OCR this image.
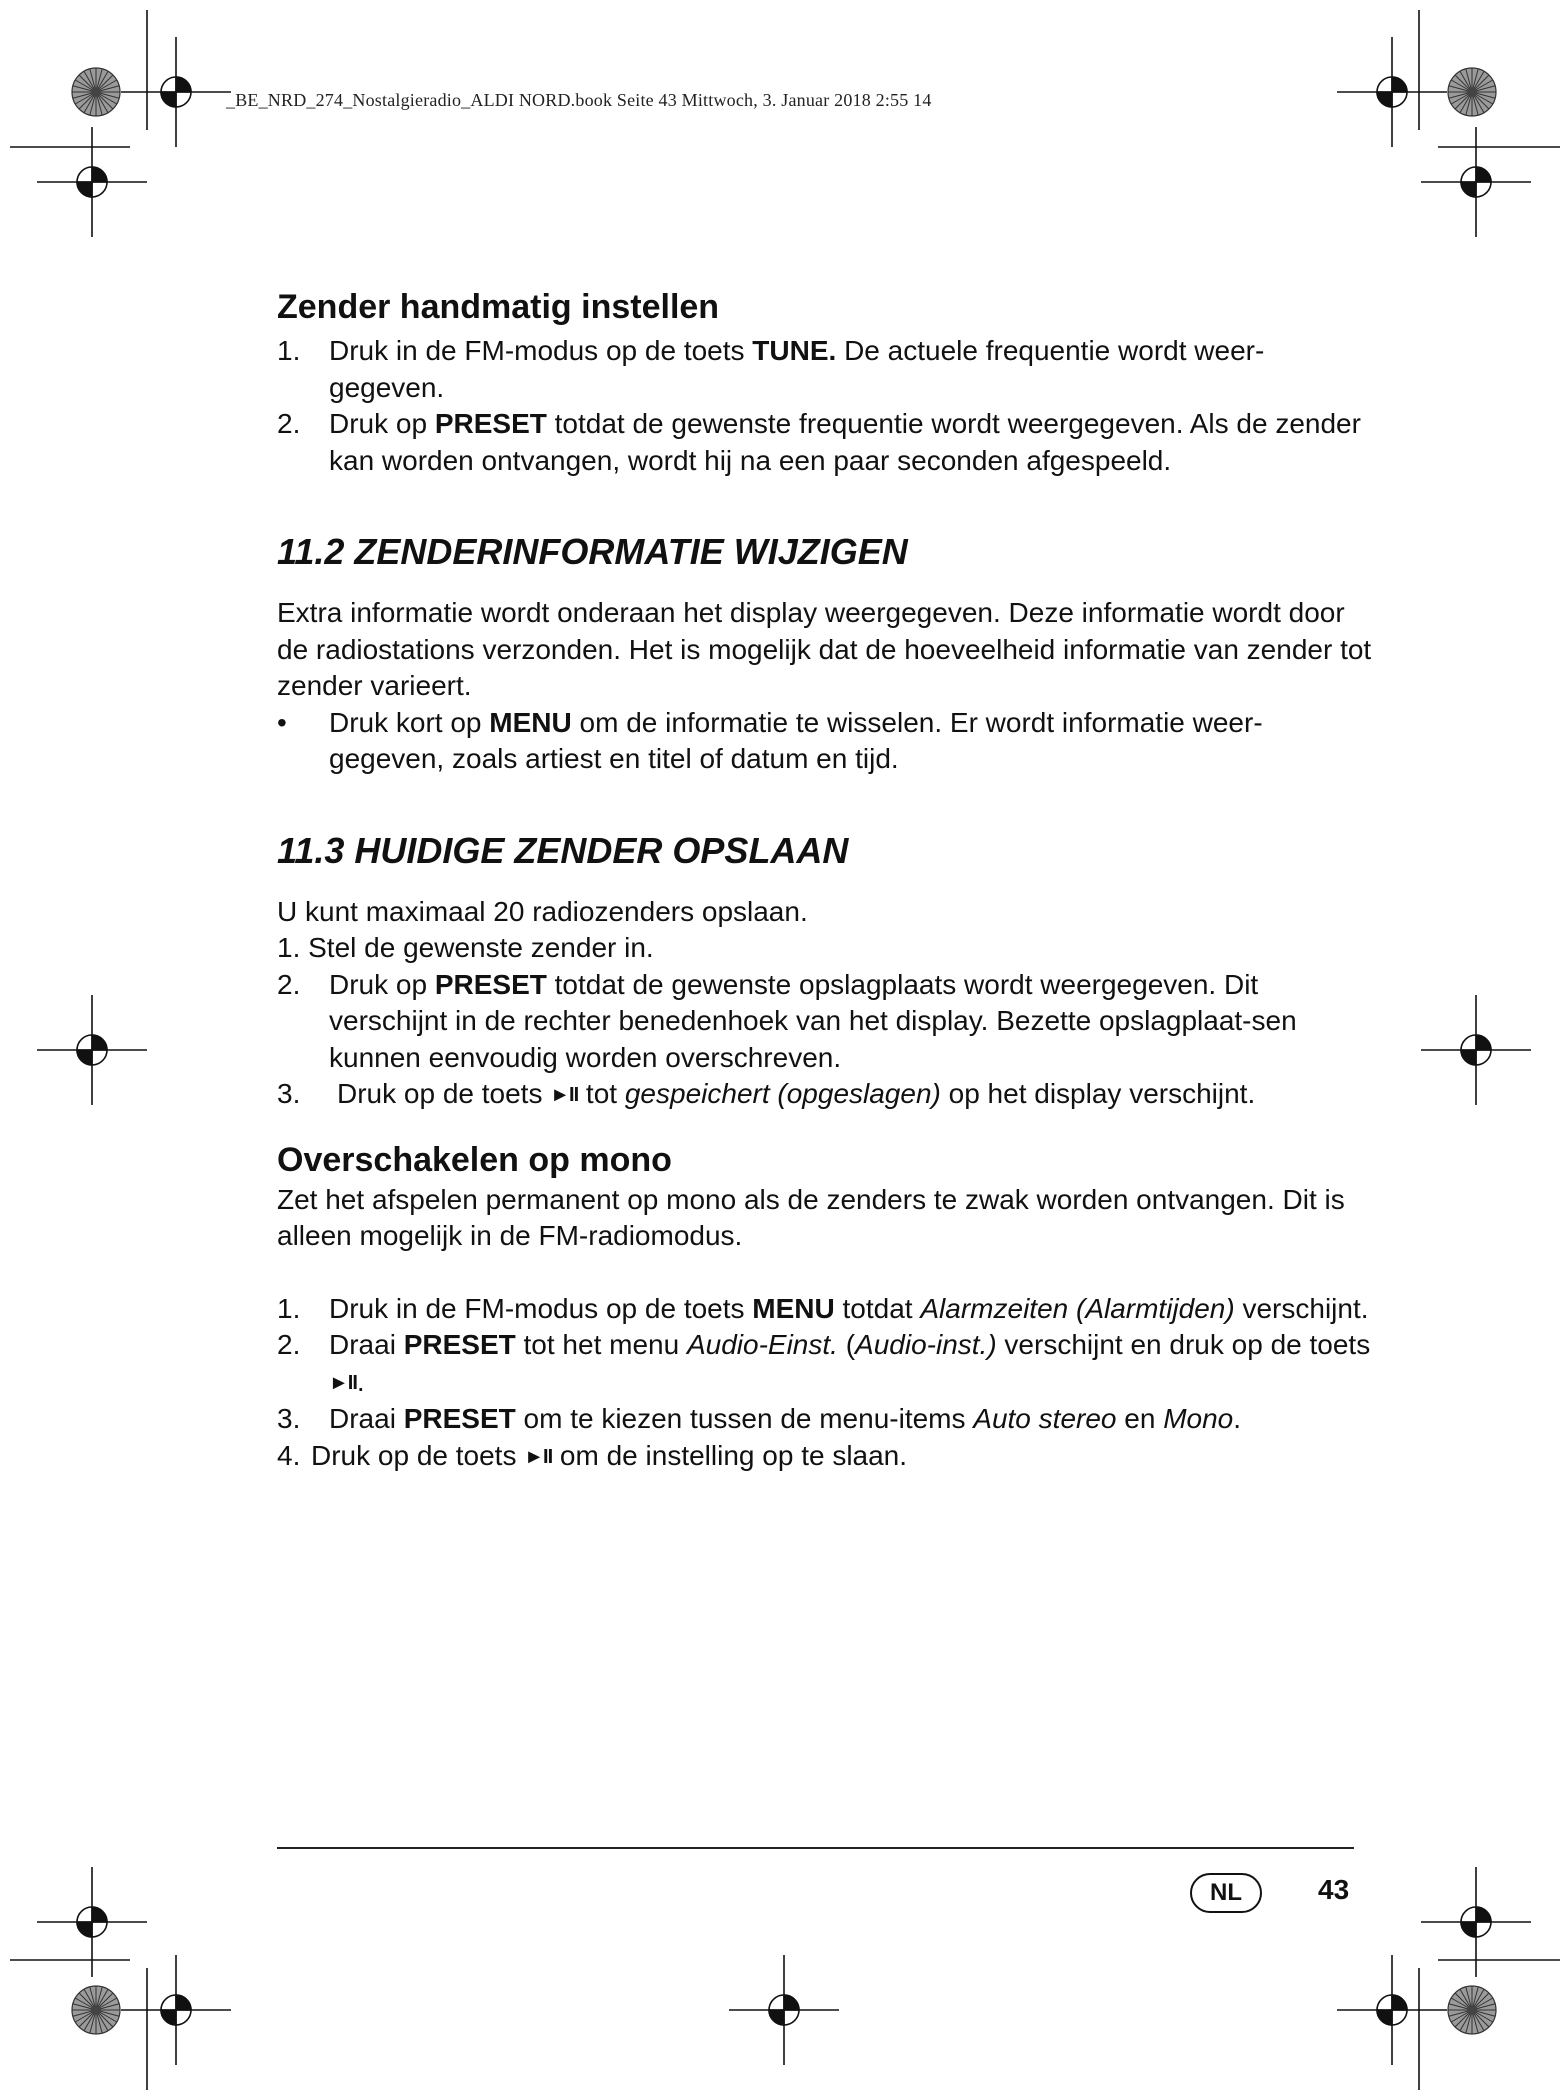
_BE_NRD_274_Nostalgieradio_ALDI NORD.book Seite 43 Mittwoch, 3. Januar 2018 2:55 14
Zender handmatig instellen
1. Druk in de FM-modus op de toets TUNE. De actuele frequentie wordt weer-gegeven.
2. Druk op PRESET totdat de gewenste frequentie wordt weergegeven. Als de zender kan worden ontvangen, wordt hij na een paar seconden afgespeeld.
11.2 ZENDERINFORMATIE WIJZIGEN

Extra informatie wordt onderaan het display weergegeven. Deze informatie wordt door de radiostations verzonden. Het is mogelijk dat de hoeveelheid informatie van zender tot zender varieert.

• Druk kort op MENU om de informatie te wisselen. Er wordt informatie weer-gegeven, zoals artiest en titel of datum en tijd.
11.3 HUIDIGE ZENDER OPSLAAN

U kunt maximaal 20 radiozenders opslaan.

1. Stel de gewenste zender in.

2. Druk op PRESET totdat de gewenste opslagplaats wordt weergegeven. Dit verschijnt in de rechter benedenhoek van het display. Bezette opslagplaat-sen kunnen eenvoudig worden overschreven.
3. Druk op de toets ►II tot gespeichert (opgeslagen) op het display verschijnt.
Overschakelen op mono

Zet het afspelen permanent op mono als de zenders te zwak worden ontvangen. Dit is alleen mogelijk in de FM-radiomodus.

1. Druk in de FM-modus op de toets MENU totdat Alarmzeiten (Alarmtijden) verschijnt.
2. Draai PRESET tot het menu Audio-Einst. (Audio-inst.) verschijnt en druk op de toets ►II.
3. Draai PRESET om te kiezen tussen de menu-items Auto stereo en Mono.
4. Druk op de toets ►II om de instelling op te slaan.
NL	43
